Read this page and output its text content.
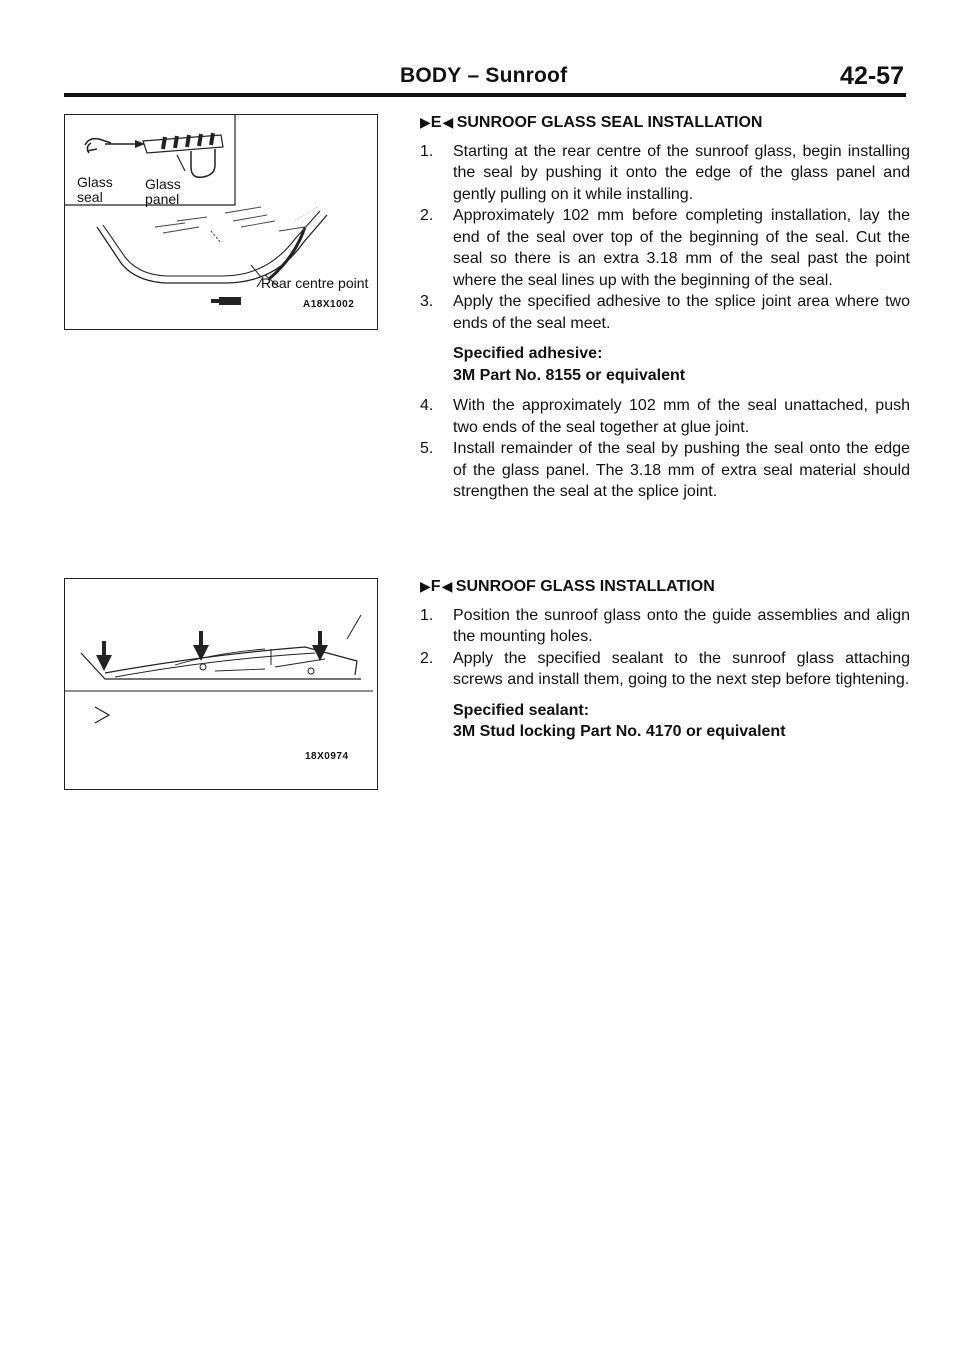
BODY – Sunroof	42-57
Glass
seal
Glass
panel
Rear centre point
A18X1002
18X0974
▶E◀ SUNROOF GLASS SEAL INSTALLATION
1.	Starting at the rear centre of the sunroof glass, begin installing the seal by pushing it onto the edge of the glass panel and gently pulling on it while installing.
2.	Approximately 102 mm before completing installation, lay the end of the seal over top of the beginning of the seal. Cut the seal so there is an extra 3.18 mm of the seal past the point where the seal lines up with the beginning of the seal.
3.	Apply the specified adhesive to the splice joint area where two ends of the seal meet.
Specified adhesive:
3M Part No. 8155 or equivalent
4.	With the approximately 102 mm of the seal unattached, push two ends of the seal together at glue joint.
5.	Install remainder of the seal by pushing the seal onto the edge of the glass panel. The 3.18 mm of extra seal material should strengthen the seal at the splice joint.
▶F◀ SUNROOF GLASS INSTALLATION
1.	Position the sunroof glass onto the guide assemblies and align the mounting holes.
2.	Apply the specified sealant to the sunroof glass attaching screws and install them, going to the next step before tightening.
Specified sealant:
3M Stud locking Part No. 4170 or equivalent
